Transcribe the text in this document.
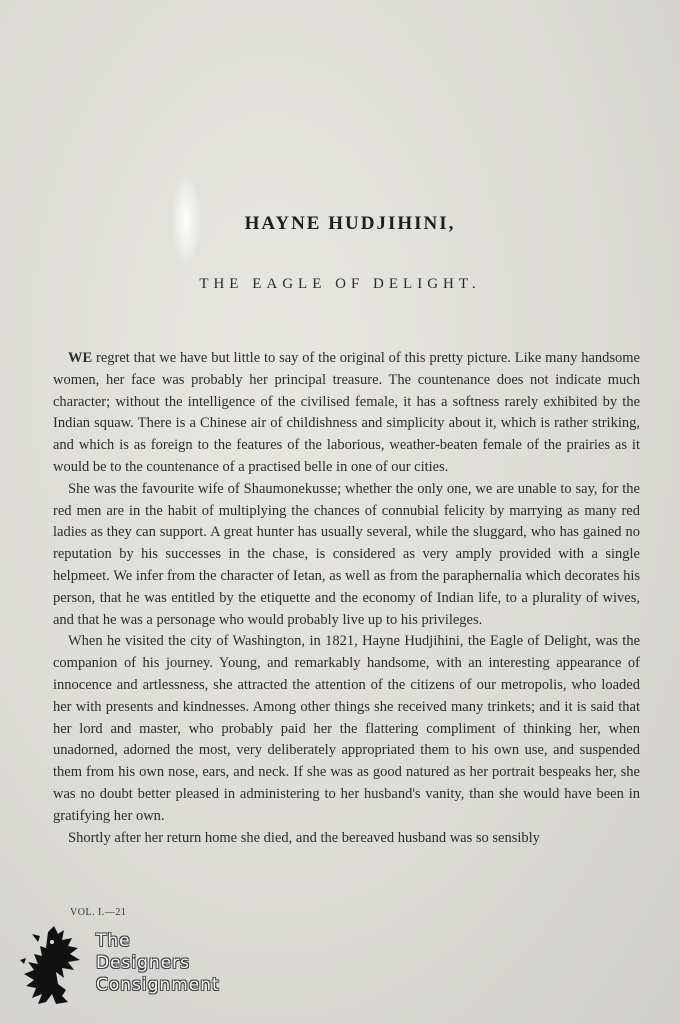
HAYNE HUDJIHINI,
THE EAGLE OF DELIGHT.

WE regret that we have but little to say of the original of this pretty picture. Like many handsome women, her face was probably her principal treasure. The countenance does not indicate much character; without the intelligence of the civilised female, it has a softness rarely exhibited by the Indian squaw. There is a Chinese air of childishness and simplicity about it, which is rather striking, and which is as foreign to the features of the laborious, weather-beaten female of the prairies as it would be to the countenance of a practised belle in one of our cities.

She was the favourite wife of Shaumonekusse; whether the only one, we are unable to say, for the red men are in the habit of multiplying the chances of connubial felicity by marrying as many red ladies as they can support. A great hunter has usually several, while the sluggard, who has gained no reputation by his successes in the chase, is considered as very amply provided with a single helpmeet. We infer from the character of Ietan, as well as from the paraphernalia which decorates his person, that he was entitled by the etiquette and the economy of Indian life, to a plurality of wives, and that he was a personage who would probably live up to his privileges.

When he visited the city of Washington, in 1821, Hayne Hudjihini, the Eagle of Delight, was the companion of his journey. Young, and remarkably handsome, with an interesting appearance of innocence and artlessness, she attracted the attention of the citizens of our metropolis, who loaded her with presents and kindnesses. Among other things she received many trinkets; and it is said that her lord and master, who probably paid her the flattering compliment of thinking her, when unadorned, adorned the most, very deliberately appropriated them to his own use, and suspended them from his own nose, ears, and neck. If she was as good natured as her portrait bespeaks her, she was no doubt better pleased in administering to her husband's vanity, than she would have been in gratifying her own.

Shortly after her return home she died, and the bereaved husband was so sensibly

VOL. I.—21
The
Designers
Consignment
